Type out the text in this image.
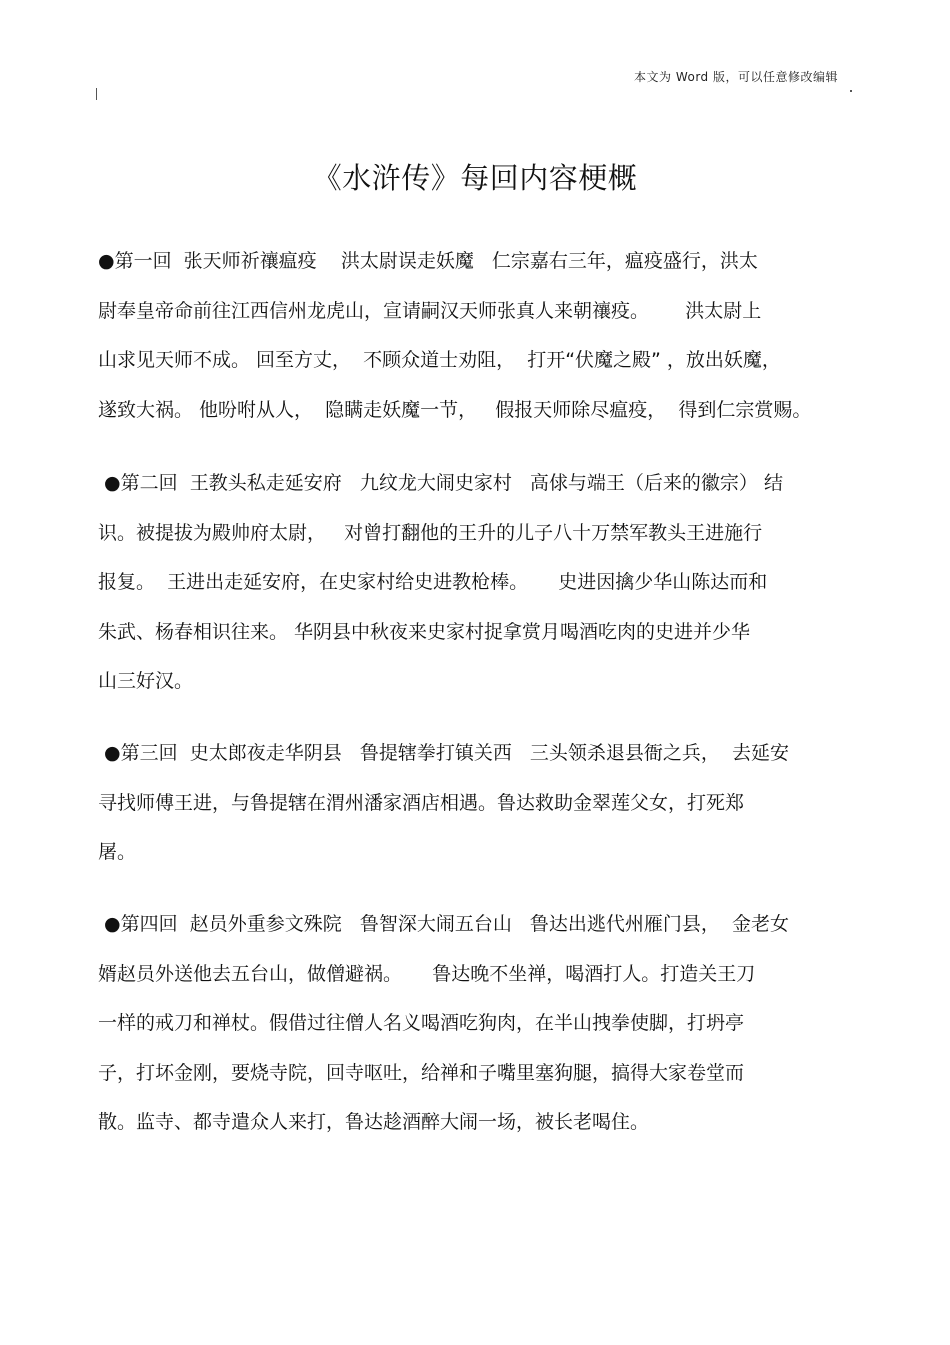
本文为 Word 版，可以任意修改编辑
《水浒传》每回内容梗概
●第一回  张天师祈禳瘟疫    洪太尉误走妖魔   仁宗嘉右三年，瘟疫盛行，洪太
尉奉皇帝命前往江西信州龙虎山，宣请嗣汉天师张真人来朝禳疫。      洪太尉上
山求见天师不成。 回至方丈，  不顾众道士劝阻，  打开“伏魔之殿” ，放出妖魔，
遂致大祸。 他吩咐从人，  隐瞒走妖魔一节，   假报天师除尽瘟疫，  得到仁宗赏赐。
●第二回  王教头私走延安府   九纹龙大闹史家村   高俅与端王（后来的徽宗） 结
识。被提拔为殿帅府太尉，   对曾打翻他的王升的儿子八十万禁军教头王进施行
报复。  王进出走延安府，在史家村给史进教枪棒。     史进因擒少华山陈达而和
朱武、杨春相识往来。 华阴县中秋夜来史家村捉拿赏月喝酒吃肉的史进并少华
山三好汉。
●第三回  史太郎夜走华阴县   鲁提辖拳打镇关西   三头领杀退县衙之兵，  去延安
寻找师傅王进，与鲁提辖在渭州潘家酒店相遇。鲁达救助金翠莲父女，打死郑
屠。
●第四回  赵员外重参文殊院   鲁智深大闹五台山   鲁达出逃代州雁门县，  金老女
婿赵员外送他去五台山，做僧避祸。     鲁达晚不坐禅，喝酒打人。打造关王刀
一样的戒刀和禅杖。假借过往僧人名义喝酒吃狗肉，在半山拽拳使脚，打坍亭
子，打坏金刚，要烧寺院，回寺呕吐，给禅和子嘴里塞狗腿，搞得大家卷堂而
散。监寺、都寺遣众人来打，鲁达趁酒醉大闹一场，被长老喝住。
